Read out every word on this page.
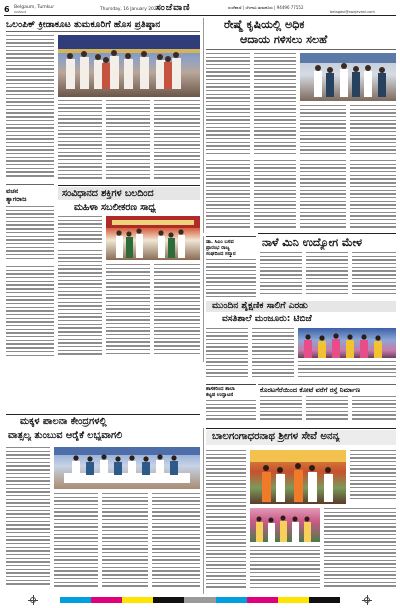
6 Belgaum, Tumkur
ಸಂಜೆವಾಣಿ	Thursday, 16 January 2025
ಸಂಜೆವಾಣಿ	ಸಂಜೆವಾಣಿ | ಬೆಳಗಾವಿ ತುಮಕೂರು | 94496 77552
belagavi@sanjevani.com
ಒಲಂಪಿಕ್ ಕ್ರೀಡಾಕೂಟ ತುಮಕೂರಿಗೆ ಹೊಸ ಪ್ರತಿಷ್ಠಾನ
ವಚನ
ತ್ಯಾಗರಾಜ
ರೇಷ್ಮೆ ಕೃಷಿಯಲ್ಲಿ ಅಧಿಕ
ಆದಾಯ ಗಳಿಸಲು ಸಲಹೆ
ಸಂವಿಧಾನದ ಶಕ್ತಿಗಳ ಬಲದಿಂದ
ಮಹಿಳಾ ಸಬಲೀಕರಣ ಸಾಧ್ಯ
ಡಾ. ಸಿಎಂ ಬಸವ
ಪ್ರಾರಂಭ ರಾಜ್ಯ
ಸಂಘದಿಂದ ಸನ್ಮಾನ
ನಾಳೆ ಮಿನಿ ಉದ್ಯೋಗ ಮೇಳ
ಮುಂದಿನ ಶೈಕ್ಷಣಿಕ ಸಾಲಿಗೆ ಎರಡು
ವಸತಿಶಾಲೆ ಮಂಜೂರು: ಟಿಬಿಜೆ
ಕೊರಟಗೆರೆಯಿಂದ ಕೋಟೆ ವರೆಗೆ ರಸ್ತೆ ನಿರ್ಮಾಣ
ಶಾಸಕರಿಂದ ಶಾಲಾ
ಕಟ್ಟಡ ಉದ್ಘಾಟನೆ
ಮಕ್ಕಳ ಪಾಲನಾ ಕೇಂದ್ರಗಳಲ್ಲಿ
ವಾತ್ಸಲ್ಯ ತುಂಬುವ ಆರೈಕೆ ಲಭ್ಯವಾಗಲಿ	ಬಾಲಗಂಗಾಧರನಾಥ ಶ್ರೀಗಳ ಸೇವೆ ಅನನ್ಯ
